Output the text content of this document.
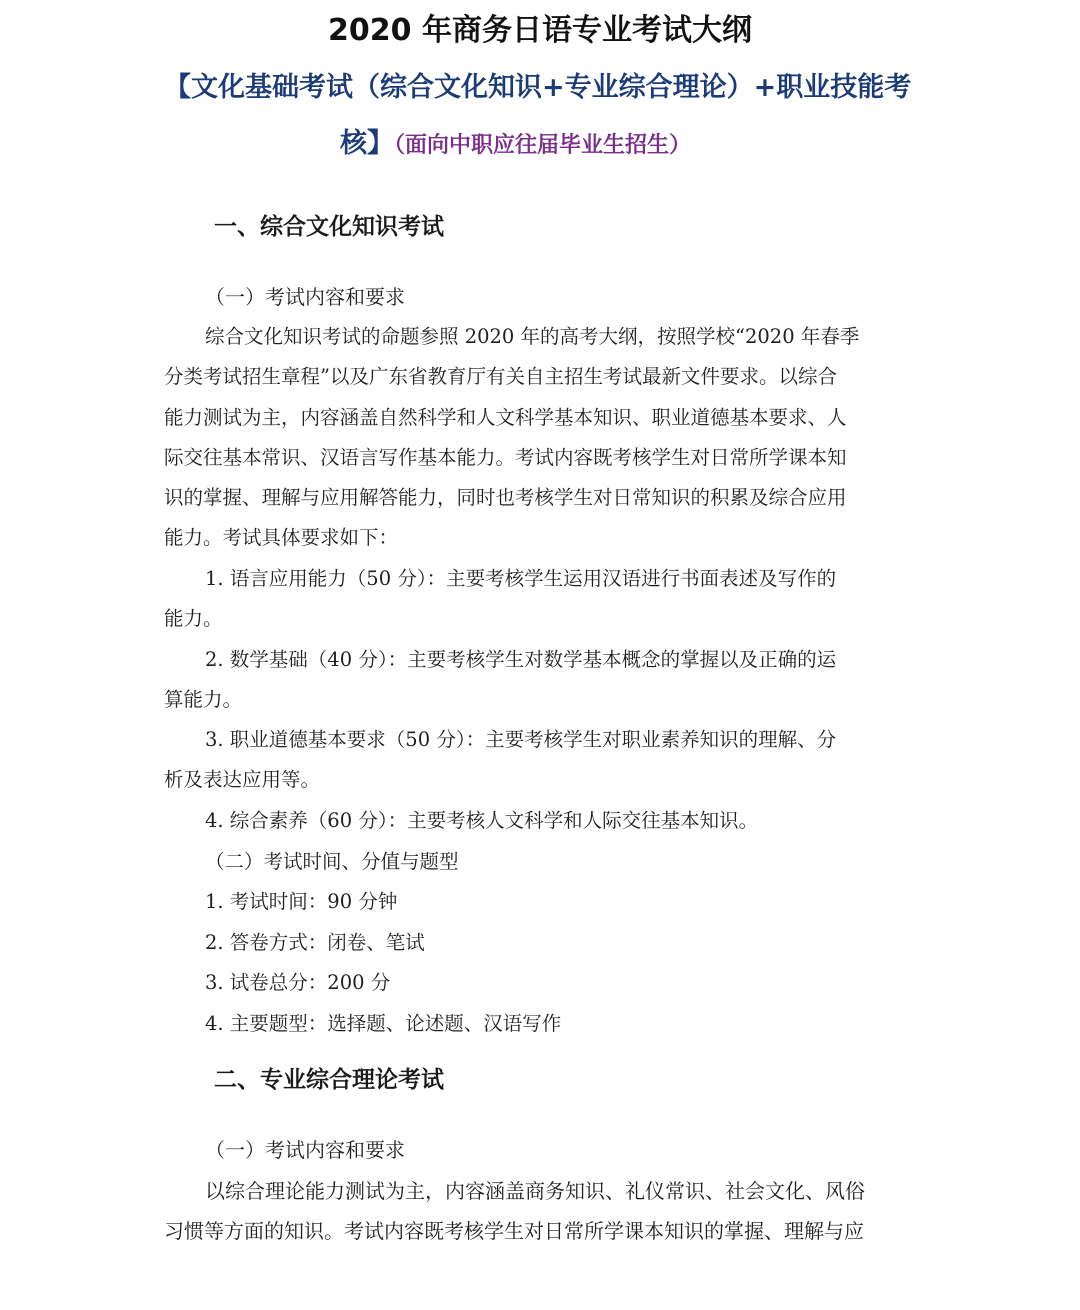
2020 年商务日语专业考试大纲
【文化基础考试（综合文化知识+专业综合理论）+职业技能考
核】（面向中职应往届毕业生招生）
一、综合文化知识考试
（一）考试内容和要求
综合文化知识考试的命题参照 2020 年的高考大纲，按照学校“2020 年春季
分类考试招生章程”以及广东省教育厅有关自主招生考试最新文件要求。以综合
能力测试为主，内容涵盖自然科学和人文科学基本知识、职业道德基本要求、人
际交往基本常识、汉语言写作基本能力。考试内容既考核学生对日常所学课本知
识的掌握、理解与应用解答能力，同时也考核学生对日常知识的积累及综合应用
能力。考试具体要求如下：
1. 语言应用能力（50 分）：主要考核学生运用汉语进行书面表述及写作的
能力。
2. 数学基础（40 分）：主要考核学生对数学基本概念的掌握以及正确的运
算能力。
3. 职业道德基本要求（50 分）：主要考核学生对职业素养知识的理解、分
析及表达应用等。
4. 综合素养（60 分）：主要考核人文科学和人际交往基本知识。
（二）考试时间、分值与题型
1. 考试时间：90 分钟
2. 答卷方式：闭卷、笔试
3. 试卷总分：200 分
4. 主要题型：选择题、论述题、汉语写作
二、专业综合理论考试
（一）考试内容和要求
以综合理论能力测试为主，内容涵盖商务知识、礼仪常识、社会文化、风俗
习惯等方面的知识。考试内容既考核学生对日常所学课本知识的掌握、理解与应
